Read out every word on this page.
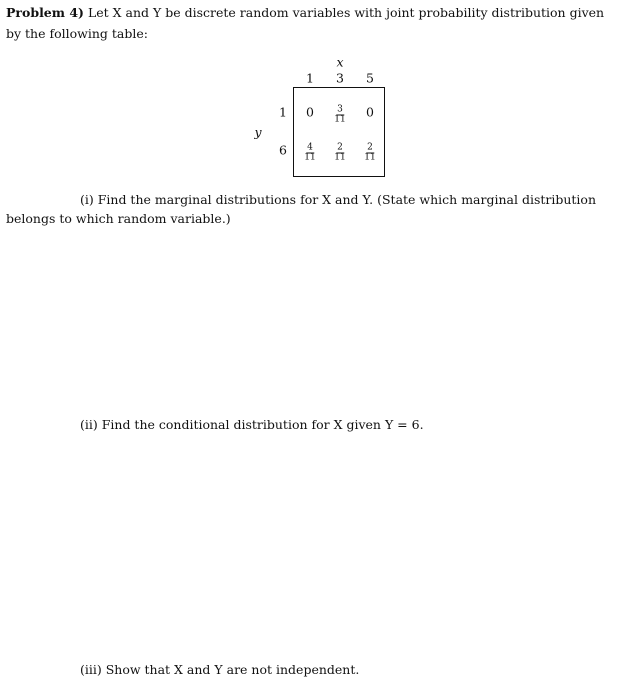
Problem 4) Let X and Y be discrete random variables with joint probability distribution given
by the following table:
x
1 3 5
y
1
6
$0 \frac{3}{11} 0$
$\frac{4}{11} \frac{2}{11} \frac{2}{11}$
(i) Find the marginal distributions for X and Y. (State which marginal distribution
belongs to which random variable.)
(ii) Find the conditional distribution for X given Y = 6.
(iii) Show that X and Y are not independent.
